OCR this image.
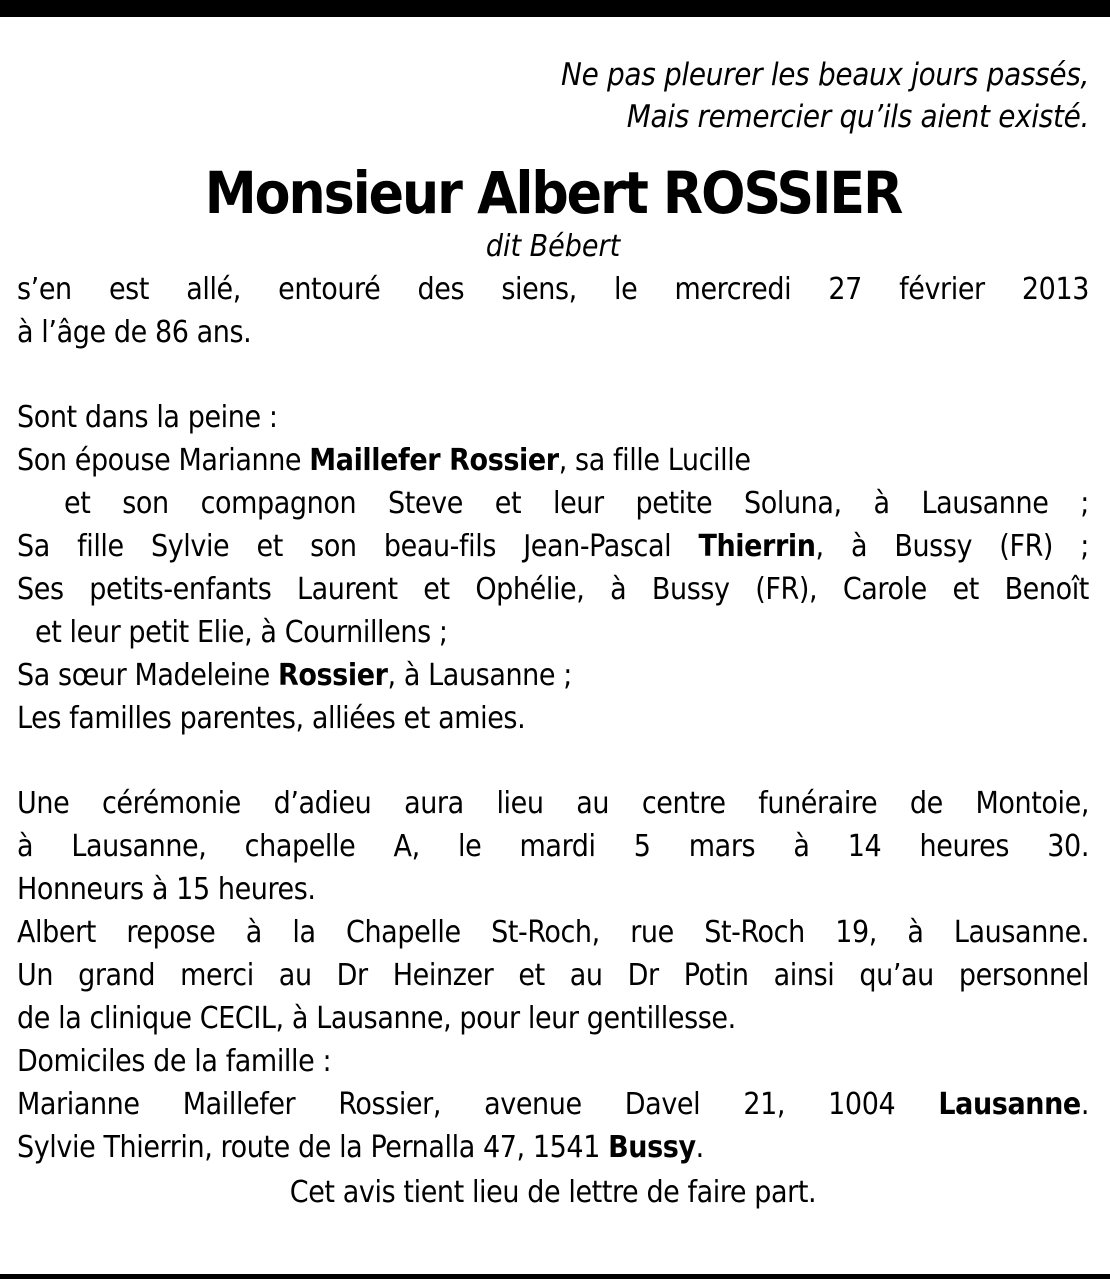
Ne pas pleurer les beaux jours passés,
Mais remercier qu’ils aient existé.
Monsieur Albert ROSSIER
dit Bébert
s’en est allé, entouré des siens, le mercredi 27 février 2013
à l’âge de 86 ans.
Sont dans la peine :
Son épouse Marianne Maillefer Rossier, sa fille Lucille
et son compagnon Steve et leur petite Soluna, à Lausanne ;
Sa fille Sylvie et son beau-fils Jean-Pascal Thierrin, à Bussy (FR) ;
Ses petits-enfants Laurent et Ophélie, à Bussy (FR), Carole et Benoît
et leur petit Elie, à Cournillens ;
Sa sœur Madeleine Rossier, à Lausanne ;
Les familles parentes, alliées et amies.
Une cérémonie d’adieu aura lieu au centre funéraire de Montoie,
à Lausanne, chapelle A, le mardi 5 mars à 14 heures 30.
Honneurs à 15 heures.
Albert repose à la Chapelle St-Roch, rue St-Roch 19, à Lausanne.
Un grand merci au Dr Heinzer et au Dr Potin ainsi qu’au personnel
de la clinique CECIL, à Lausanne, pour leur gentillesse.
Domiciles de la famille :
Marianne Maillefer Rossier, avenue Davel 21, 1004 Lausanne.
Sylvie Thierrin, route de la Pernalla 47, 1541 Bussy.
Cet avis tient lieu de lettre de faire part.
